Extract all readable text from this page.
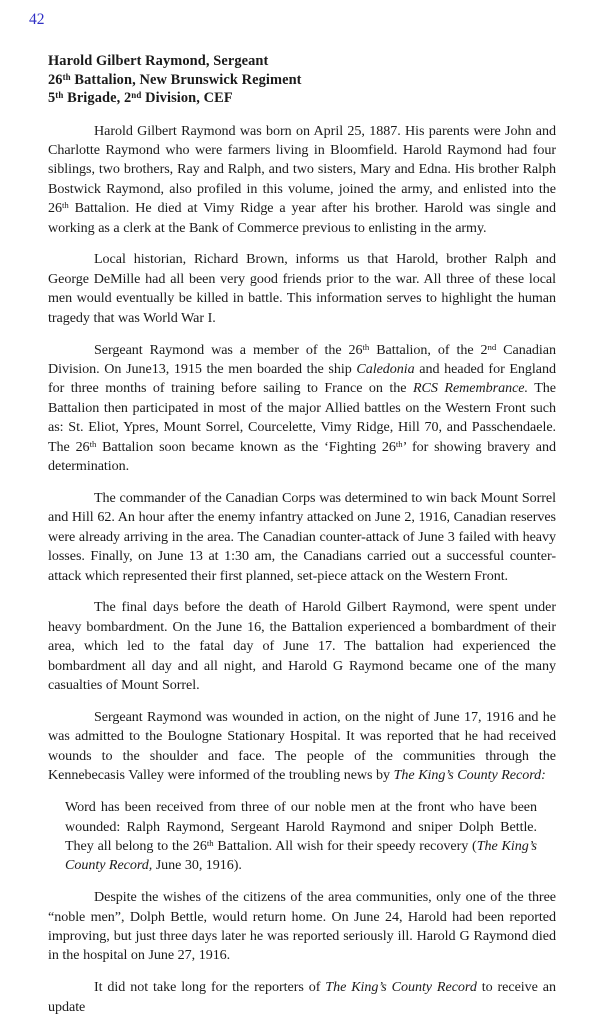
42
Harold Gilbert Raymond, Sergeant
26th Battalion, New Brunswick Regiment
5th Brigade, 2nd Division, CEF

Harold Gilbert Raymond was born on April 25, 1887. His parents were John and Charlotte Raymond who were farmers living in Bloomfield. Harold Raymond had four siblings, two brothers, Ray and Ralph, and two sisters, Mary and Edna. His brother Ralph Bostwick Raymond, also profiled in this volume, joined the army, and enlisted into the 26th Battalion. He died at Vimy Ridge a year after his brother. Harold was single and working as a clerk at the Bank of Commerce previous to enlisting in the army.

Local historian, Richard Brown, informs us that Harold, brother Ralph and George DeMille had all been very good friends prior to the war. All three of these local men would eventually be killed in battle. This information serves to highlight the human tragedy that was World War I.

Sergeant Raymond was a member of the 26th Battalion, of the 2nd Canadian Division. On June13, 1915 the men boarded the ship Caledonia and headed for England for three months of training before sailing to France on the RCS Remembrance. The Battalion then participated in most of the major Allied battles on the Western Front such as: St. Eliot, Ypres, Mount Sorrel, Courcelette, Vimy Ridge, Hill 70, and Passchendaele. The 26th Battalion soon became known as the ‘Fighting 26th’ for showing bravery and determination.

The commander of the Canadian Corps was determined to win back Mount Sorrel and Hill 62. An hour after the enemy infantry attacked on June 2, 1916, Canadian reserves were already arriving in the area. The Canadian counter-attack of June 3 failed with heavy losses. Finally, on June 13 at 1:30 am, the Canadians carried out a successful counter-attack which represented their first planned, set-piece attack on the Western Front.

The final days before the death of Harold Gilbert Raymond, were spent under heavy bombardment. On the June 16, the Battalion experienced a bombardment of their area, which led to the fatal day of June 17. The battalion had experienced the bombardment all day and all night, and Harold G Raymond became one of the many casualties of Mount Sorrel.

Sergeant Raymond was wounded in action, on the night of June 17, 1916 and he was admitted to the Boulogne Stationary Hospital. It was reported that he had received wounds to the shoulder and face. The people of the communities through the Kennebecasis Valley were informed of the troubling news by The King’s County Record:

Word has been received from three of our noble men at the front who have been wounded: Ralph Raymond, Sergeant Harold Raymond and sniper Dolph Bettle. They all belong to the 26th Battalion. All wish for their speedy recovery (The King’s County Record, June 30, 1916).

Despite the wishes of the citizens of the area communities, only one of the three “noble men”, Dolph Bettle, would return home. On June 24, Harold had been reported improving, but just three days later he was reported seriously ill. Harold G Raymond died in the hospital on June 27, 1916.

It did not take long for the reporters of The King’s County Record to receive an update
